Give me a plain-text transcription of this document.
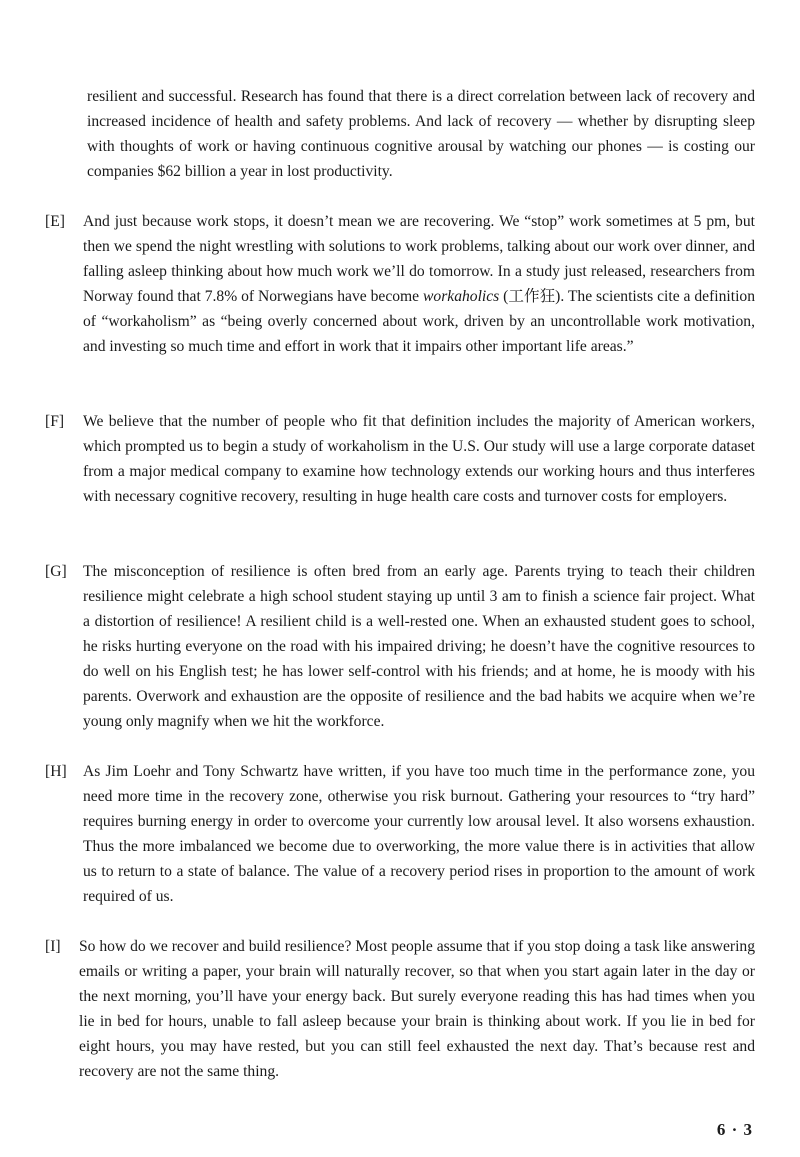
resilient and successful. Research has found that there is a direct correlation between lack of recovery and increased incidence of health and safety problems. And lack of recovery — whether by disrupting sleep with thoughts of work or having continuous cognitive arousal by watching our phones — is costing our companies $62 billion a year in lost productivity.
[E]	And just because work stops, it doesn’t mean we are recovering. We “stop” work sometimes at 5 pm, but then we spend the night wrestling with solutions to work problems, talking about our work over dinner, and falling asleep thinking about how much work we’ll do tomorrow. In a study just released, researchers from Norway found that 7.8% of Norwegians have become workaholics (工作狂). The scientists cite a definition of “workaholism” as “being overly concerned about work, driven by an uncontrollable work motivation, and investing so much time and effort in work that it impairs other important life areas.”
[F]	We believe that the number of people who fit that definition includes the majority of American workers, which prompted us to begin a study of workaholism in the U.S. Our study will use a large corporate dataset from a major medical company to examine how technology extends our working hours and thus interferes with necessary cognitive recovery, resulting in huge health care costs and turnover costs for employers.
[G]	The misconception of resilience is often bred from an early age. Parents trying to teach their children resilience might celebrate a high school student staying up until 3 am to finish a science fair project. What a distortion of resilience! A resilient child is a well-rested one. When an exhausted student goes to school, he risks hurting everyone on the road with his impaired driving; he doesn’t have the cognitive resources to do well on his English test; he has lower self-control with his friends; and at home, he is moody with his parents. Overwork and exhaustion are the opposite of resilience and the bad habits we acquire when we’re young only magnify when we hit the workforce.
[H]	As Jim Loehr and Tony Schwartz have written, if you have too much time in the performance zone, you need more time in the recovery zone, otherwise you risk burnout. Gathering your resources to “try hard” requires burning energy in order to overcome your currently low arousal level. It also worsens exhaustion. Thus the more imbalanced we become due to overworking, the more value there is in activities that allow us to return to a state of balance. The value of a recovery period rises in proportion to the amount of work required of us.
[I]	So how do we recover and build resilience? Most people assume that if you stop doing a task like answering emails or writing a paper, your brain will naturally recover, so that when you start again later in the day or the next morning, you’ll have your energy back. But surely everyone reading this has had times when you lie in bed for hours, unable to fall asleep because your brain is thinking about work. If you lie in bed for eight hours, you may have rested, but you can still feel exhausted the next day. That’s because rest and recovery are not the same thing.
6 · 3
